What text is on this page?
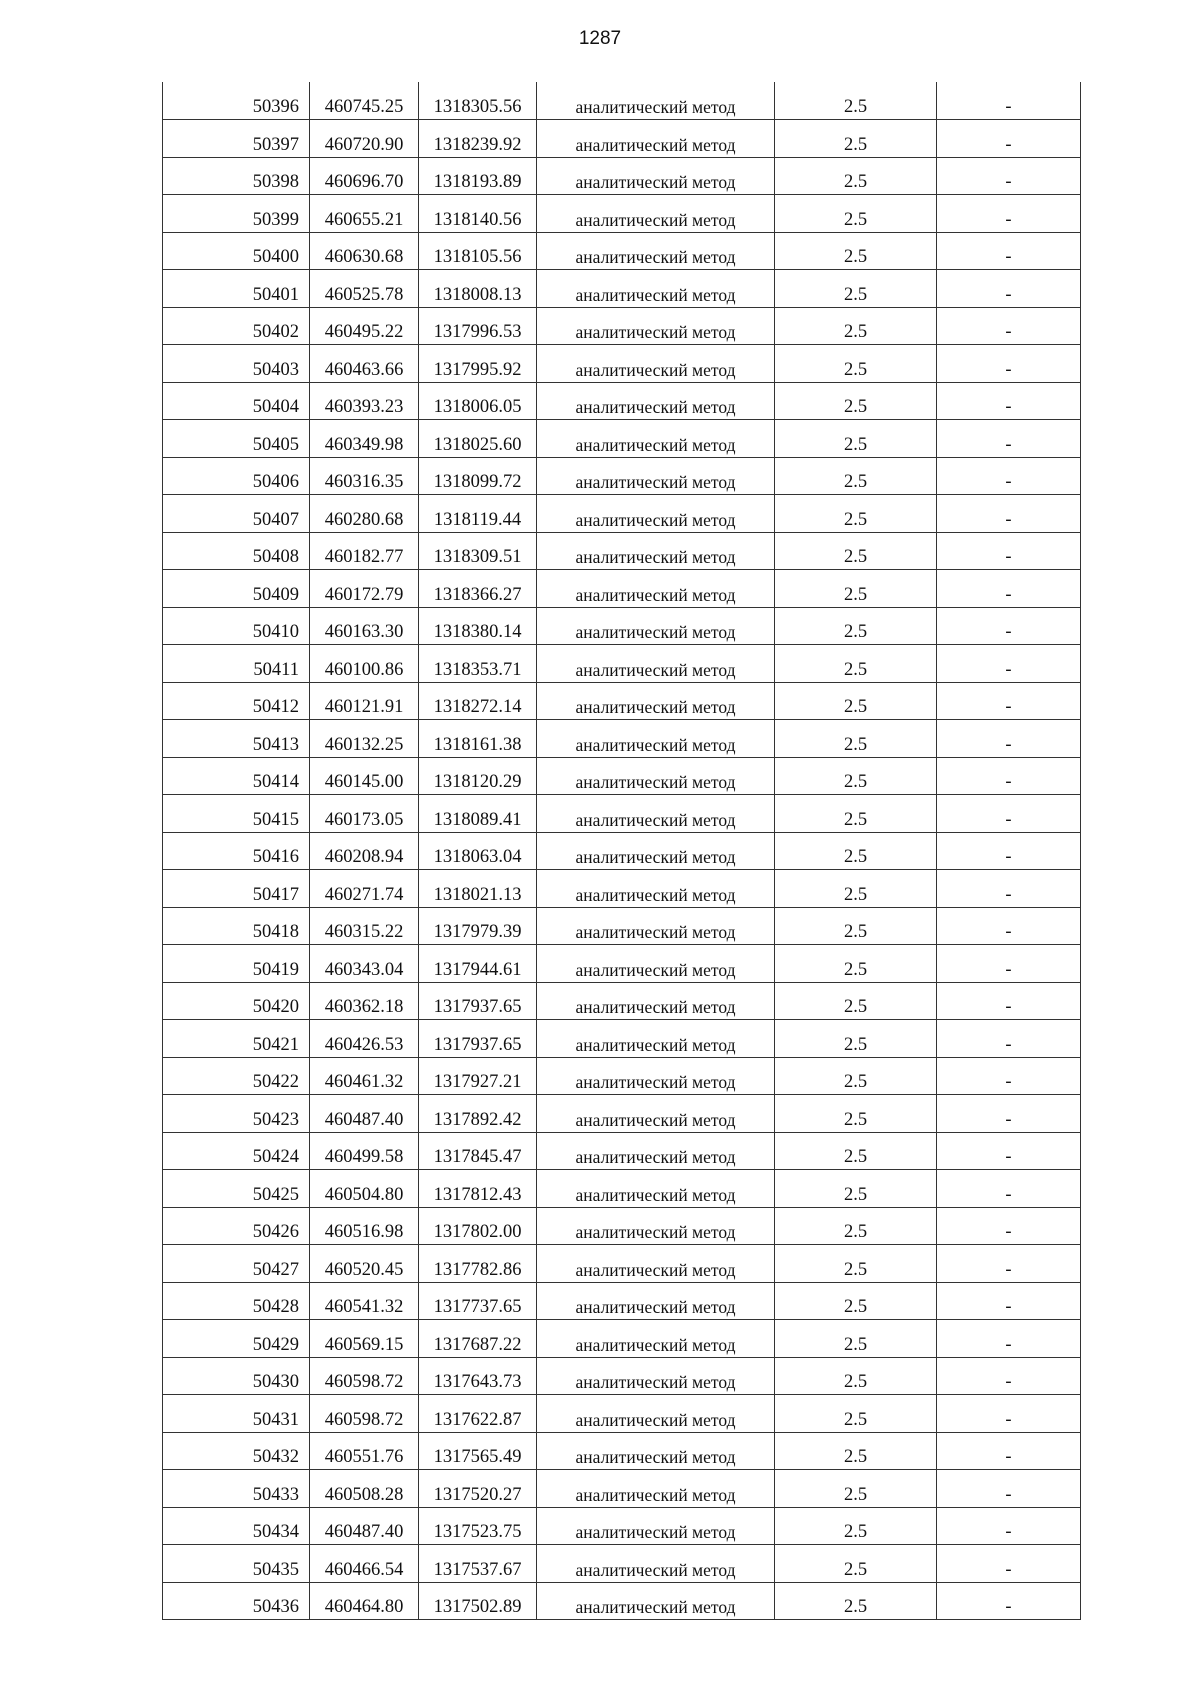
1287
50396	460745.25	1318305.56	аналитический метод	2.5	-
50397	460720.90	1318239.92	аналитический метод	2.5	-
50398	460696.70	1318193.89	аналитический метод	2.5	-
50399	460655.21	1318140.56	аналитический метод	2.5	-
50400	460630.68	1318105.56	аналитический метод	2.5	-
50401	460525.78	1318008.13	аналитический метод	2.5	-
50402	460495.22	1317996.53	аналитический метод	2.5	-
50403	460463.66	1317995.92	аналитический метод	2.5	-
50404	460393.23	1318006.05	аналитический метод	2.5	-
50405	460349.98	1318025.60	аналитический метод	2.5	-
50406	460316.35	1318099.72	аналитический метод	2.5	-
50407	460280.68	1318119.44	аналитический метод	2.5	-
50408	460182.77	1318309.51	аналитический метод	2.5	-
50409	460172.79	1318366.27	аналитический метод	2.5	-
50410	460163.30	1318380.14	аналитический метод	2.5	-
50411	460100.86	1318353.71	аналитический метод	2.5	-
50412	460121.91	1318272.14	аналитический метод	2.5	-
50413	460132.25	1318161.38	аналитический метод	2.5	-
50414	460145.00	1318120.29	аналитический метод	2.5	-
50415	460173.05	1318089.41	аналитический метод	2.5	-
50416	460208.94	1318063.04	аналитический метод	2.5	-
50417	460271.74	1318021.13	аналитический метод	2.5	-
50418	460315.22	1317979.39	аналитический метод	2.5	-
50419	460343.04	1317944.61	аналитический метод	2.5	-
50420	460362.18	1317937.65	аналитический метод	2.5	-
50421	460426.53	1317937.65	аналитический метод	2.5	-
50422	460461.32	1317927.21	аналитический метод	2.5	-
50423	460487.40	1317892.42	аналитический метод	2.5	-
50424	460499.58	1317845.47	аналитический метод	2.5	-
50425	460504.80	1317812.43	аналитический метод	2.5	-
50426	460516.98	1317802.00	аналитический метод	2.5	-
50427	460520.45	1317782.86	аналитический метод	2.5	-
50428	460541.32	1317737.65	аналитический метод	2.5	-
50429	460569.15	1317687.22	аналитический метод	2.5	-
50430	460598.72	1317643.73	аналитический метод	2.5	-
50431	460598.72	1317622.87	аналитический метод	2.5	-
50432	460551.76	1317565.49	аналитический метод	2.5	-
50433	460508.28	1317520.27	аналитический метод	2.5	-
50434	460487.40	1317523.75	аналитический метод	2.5	-
50435	460466.54	1317537.67	аналитический метод	2.5	-
50436	460464.80	1317502.89	аналитический метод	2.5	-
